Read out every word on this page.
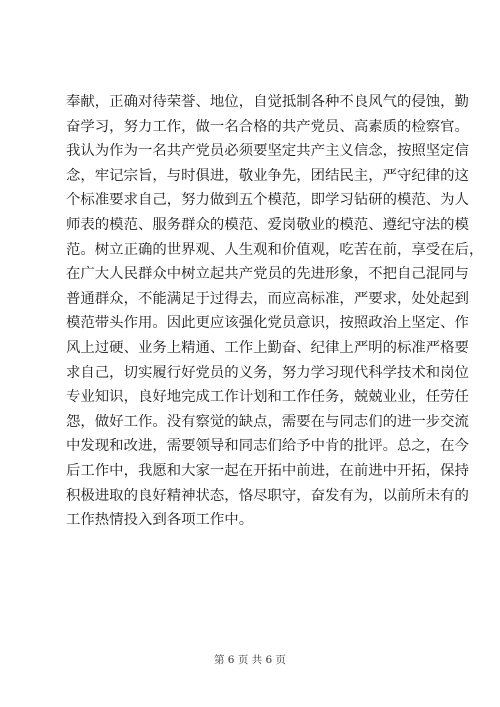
奉献，正确对待荣誉、地位，自觉抵制各种不良风气的侵蚀，勤
奋学习，努力工作，做一名合格的共产党员、高素质的检察官。
我认为作为一名共产党员必须要坚定共产主义信念，按照坚定信
念，牢记宗旨，与时俱进，敬业争先，团结民主，严守纪律的这
个标准要求自己，努力做到五个模范，即学习钻研的模范、为人
师表的模范、服务群众的模范、爱岗敬业的模范、遵纪守法的模
范。树立正确的世界观、人生观和价值观，吃苦在前，享受在后，
在广大人民群众中树立起共产党员的先进形象，不把自己混同与
普通群众，不能满足于过得去，而应高标准，严要求，处处起到
模范带头作用。因此更应该强化党员意识，按照政治上坚定、作
风上过硬、业务上精通、工作上勤奋、纪律上严明的标准严格要
求自己，切实履行好党员的义务，努力学习现代科学技术和岗位
专业知识，良好地完成工作计划和工作任务，兢兢业业，任劳任
怨，做好工作。没有察觉的缺点，需要在与同志们的进一步交流
中发现和改进，需要领导和同志们给予中肯的批评。总之，在今
后工作中，我愿和大家一起在开拓中前进，在前进中开拓，保持
积极进取的良好精神状态，恪尽职守，奋发有为，以前所未有的
工作热情投入到各项工作中。
第 6 页 共 6 页
